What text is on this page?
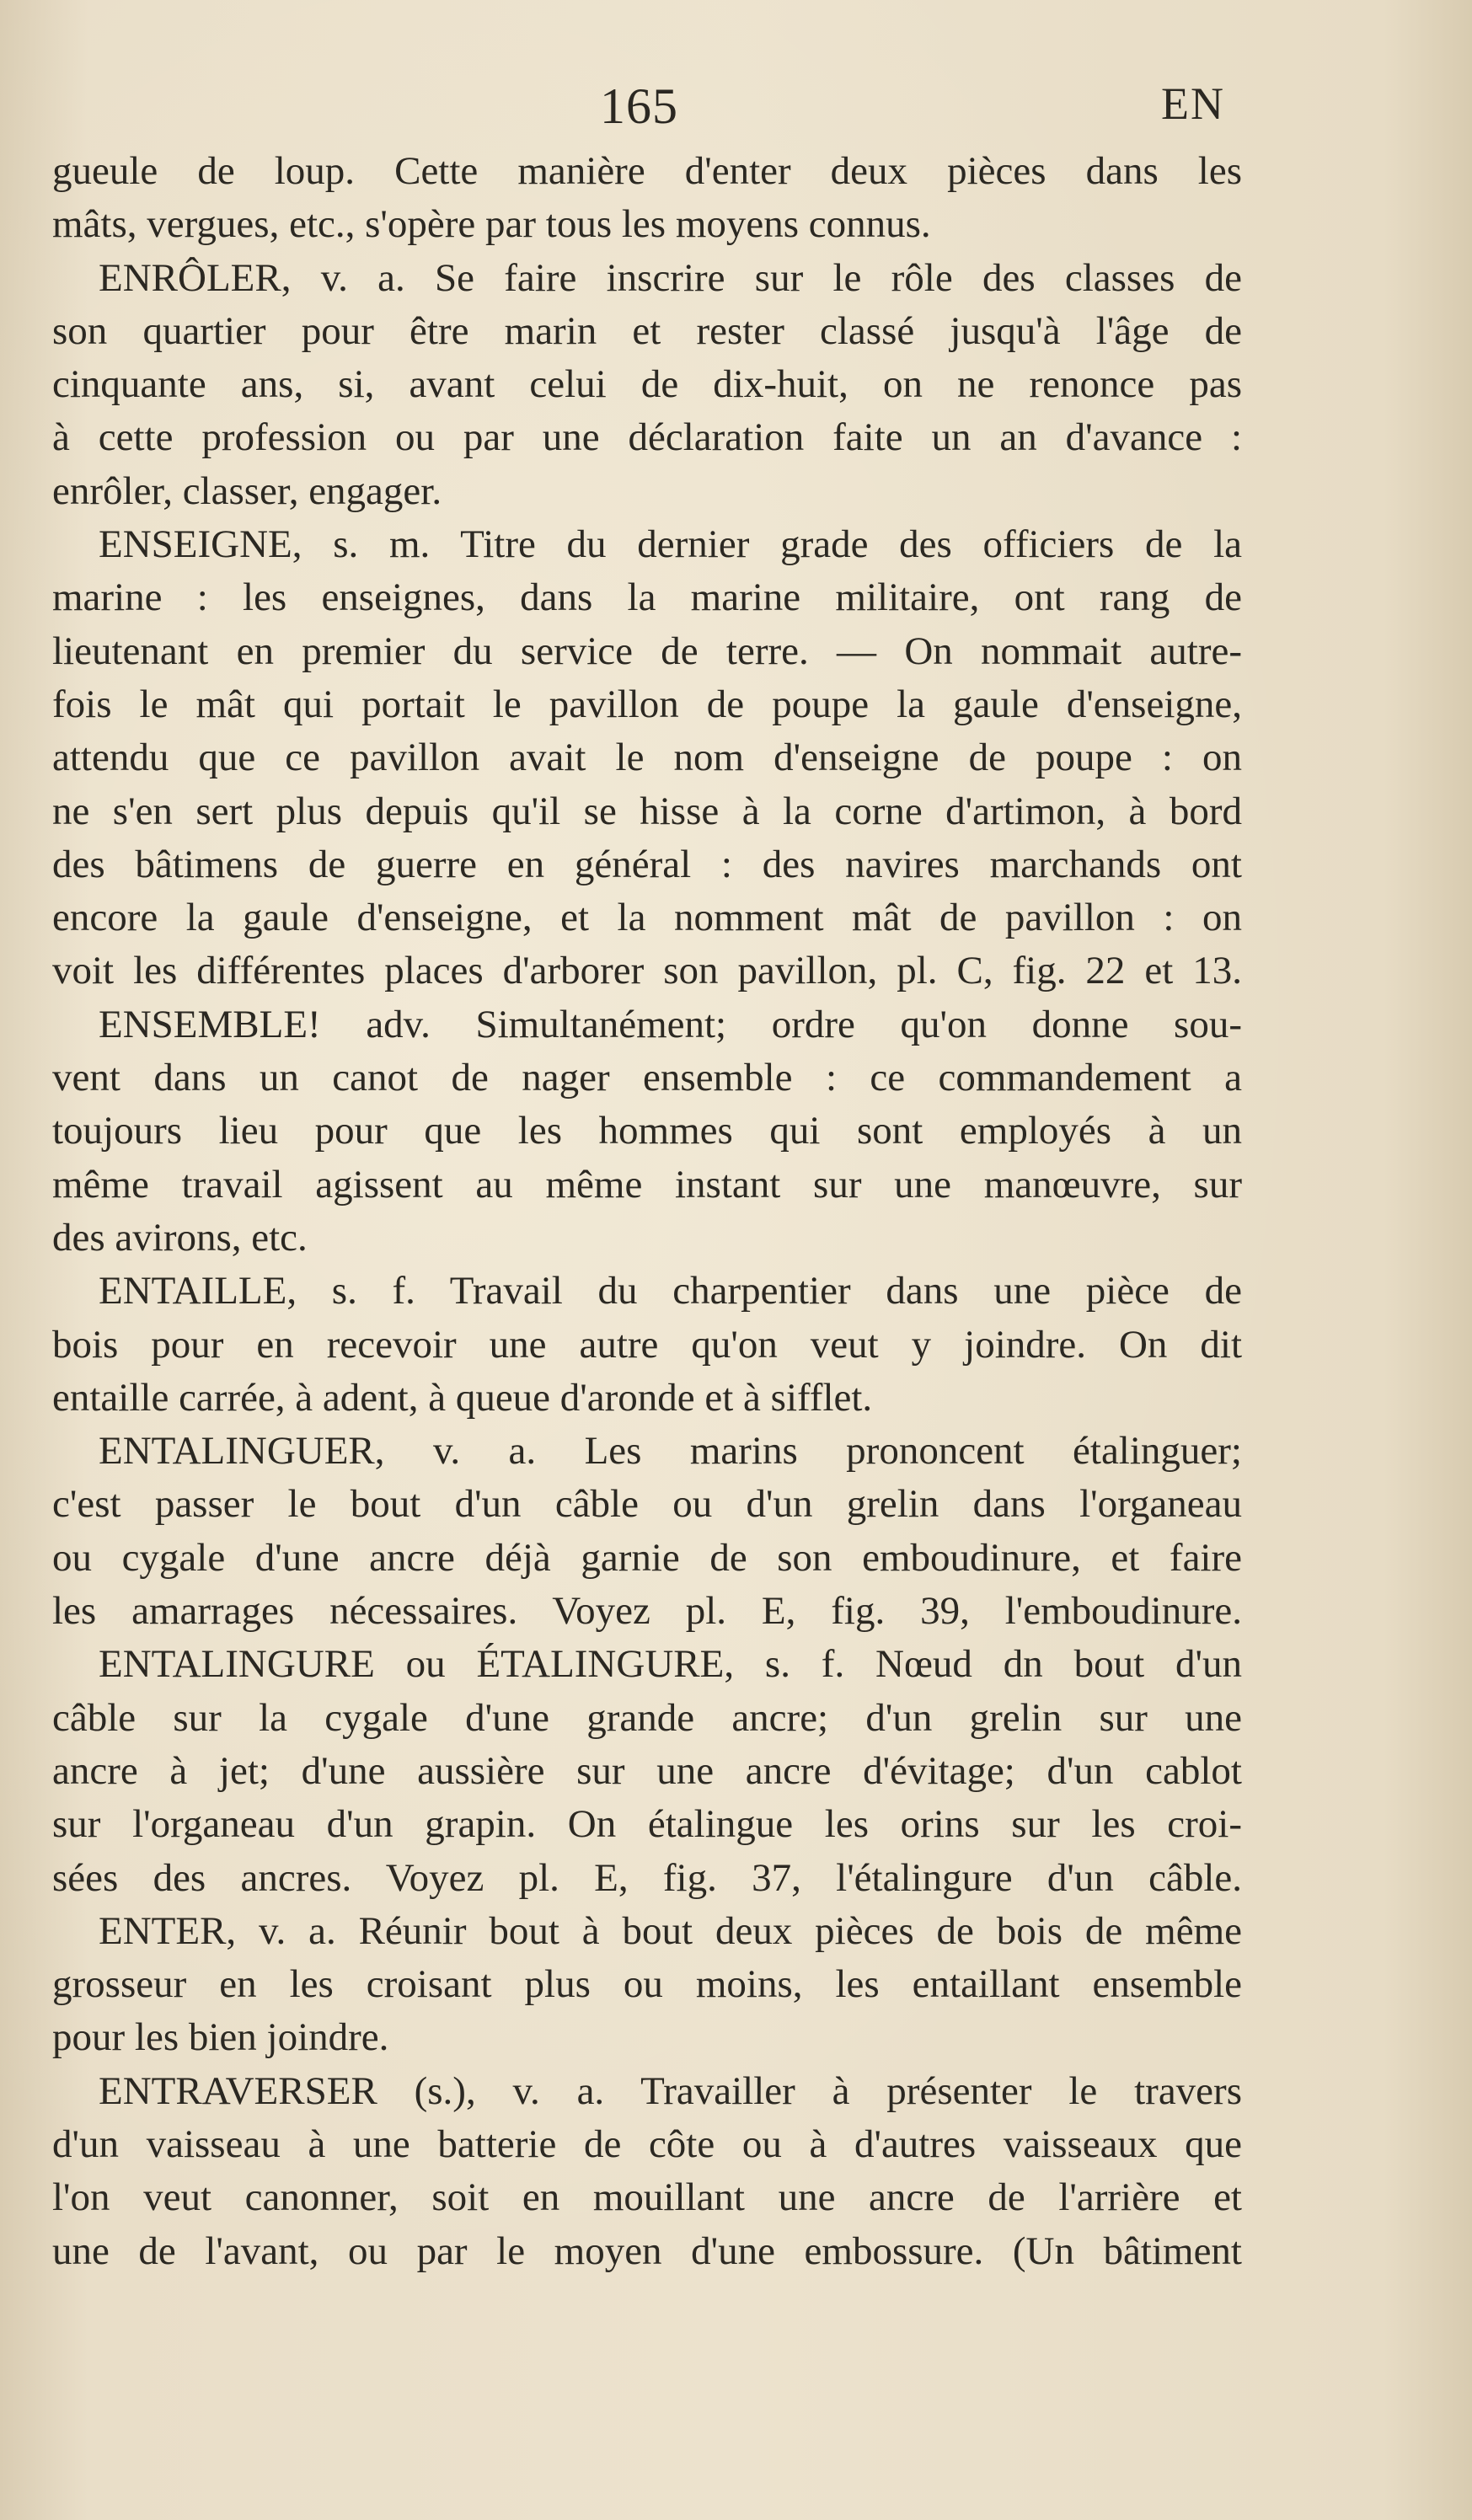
165	EN
gueule de loup. Cette manière d'enter deux pièces dans les
mâts, vergues, etc., s'opère par tous les moyens connus.
ENRÔLER, v. a. Se faire inscrire sur le rôle des classes de
son quartier pour être marin et rester classé jusqu'à l'âge de
cinquante ans, si, avant celui de dix-huit, on ne renonce pas
à cette profession ou par une déclaration faite un an d'avance :
enrôler, classer, engager.
ENSEIGNE, s. m. Titre du dernier grade des officiers de la
marine : les enseignes, dans la marine militaire, ont rang de
lieutenant en premier du service de terre. — On nommait autre-
fois le mât qui portait le pavillon de poupe la gaule d'enseigne,
attendu que ce pavillon avait le nom d'enseigne de poupe : on
ne s'en sert plus depuis qu'il se hisse à la corne d'artimon, à bord
des bâtimens de guerre en général : des navires marchands ont
encore la gaule d'enseigne, et la nomment mât de pavillon : on
voit les différentes places d'arborer son pavillon, pl. C, fig. 22 et 13.
ENSEMBLE! adv. Simultanément; ordre qu'on donne sou-
vent dans un canot de nager ensemble : ce commandement a
toujours lieu pour que les hommes qui sont employés à un
même travail agissent au même instant sur une manœuvre, sur
des avirons, etc.
ENTAILLE, s. f. Travail du charpentier dans une pièce de
bois pour en recevoir une autre qu'on veut y joindre. On dit
entaille carrée, à adent, à queue d'aronde et à sifflet.
ENTALINGUER, v. a. Les marins prononcent étalinguer;
c'est passer le bout d'un câble ou d'un grelin dans l'organeau
ou cygale d'une ancre déjà garnie de son emboudinure, et faire
les amarrages nécessaires. Voyez pl. E, fig. 39, l'emboudinure.
ENTALINGURE ou ÉTALINGURE, s. f. Nœud dn bout d'un
câble sur la cygale d'une grande ancre; d'un grelin sur une
ancre à jet; d'une aussière sur une ancre d'évitage; d'un cablot
sur l'organeau d'un grapin. On étalingue les orins sur les croi-
sées des ancres. Voyez pl. E, fig. 37, l'étalingure d'un câble.
ENTER, v. a. Réunir bout à bout deux pièces de bois de même
grosseur en les croisant plus ou moins, les entaillant ensemble
pour les bien joindre.
ENTRAVERSER (s.), v. a. Travailler à présenter le travers
d'un vaisseau à une batterie de côte ou à d'autres vaisseaux que
l'on veut canonner, soit en mouillant une ancre de l'arrière et
une de l'avant, ou par le moyen d'une embossure. (Un bâtiment
